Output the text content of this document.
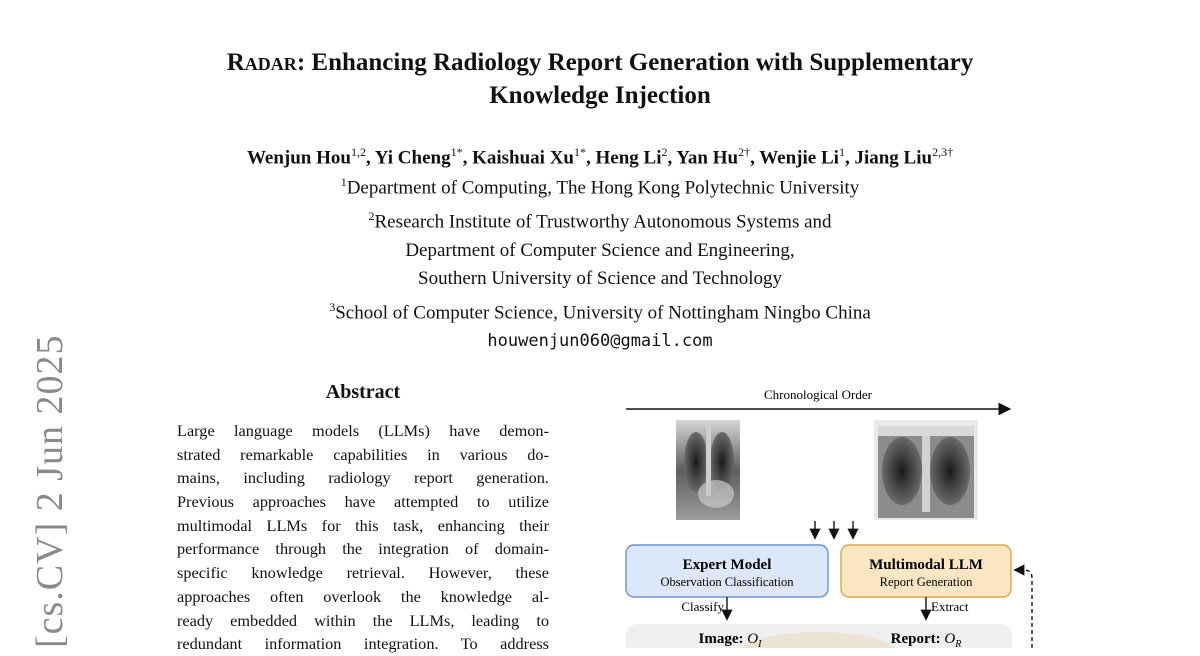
Radar: Enhancing Radiology Report Generation with Supplementary
Knowledge Injection
Wenjun Hou$^{1,2}$, Yi Cheng$^{1*}$, Kaishuai $Xu^{1*}$, Heng Li$^2$, Yan $Hu^{2\dagger}$, Wenjie Li$^1$, Jiang Liu$^{2,3\dagger}$
$^1$Department of Computing, The Hong Kong Polytechnic University
$^2$Research Institute of Trustworthy Autonomous Systems and
Department of Computer Science and Engineering,
Southern University of Science and Technology
$^3$School of Computer Science, University of Nottingham Ningbo China
houwenjun060@gmail.com
[cs.CV] 2 Jun 2025	Abstract
Large language models (LLMs) have demon-
strated remarkable capabilities in various do-
mains, including radiology report generation.
Previous approaches have attempted to utilize
multimodal LLMs for this task, enhancing their
performance through the integration of domain-
specific knowledge retrieval. However, these
approaches often overlook the knowledge al-
ready embedded within the LLMs, leading to
redundant information integration. To address
Chronological Order
Expert Model
Observation Classification
Multimodal LLM
Report Generation
Classify	Extract
Image: $O_I$	Report: $O_R$
